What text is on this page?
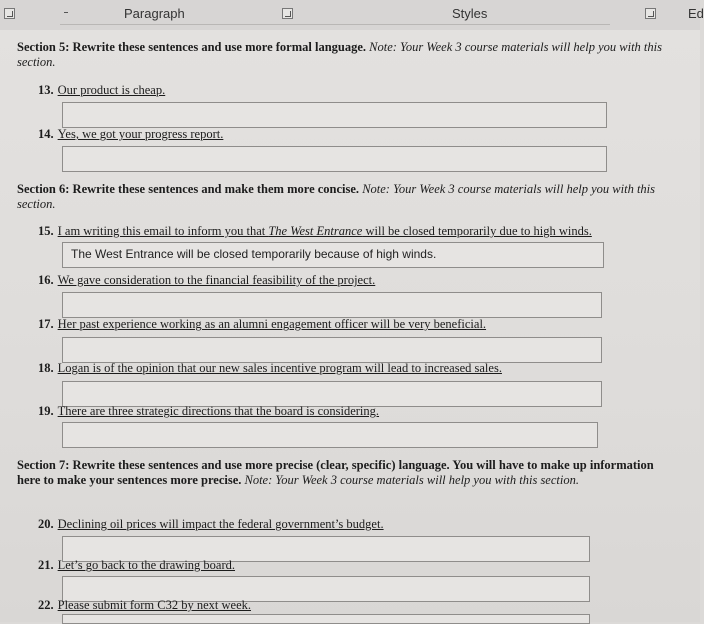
Paragraph	Styles	Ed
Section 5: Rewrite these sentences and use more formal language. Note: Your Week 3 course materials will help you with this section.
13. Our product is cheap.
14. Yes, we got your progress report.
Section 6: Rewrite these sentences and make them more concise. Note: Your Week 3 course materials will help you with this section.
15. I am writing this email to inform you that The West Entrance will be closed temporarily due to high winds.
The West Entrance will be closed temporarily because of high winds.
16. We gave consideration to the financial feasibility of the project.
17. Her past experience working as an alumni engagement officer will be very beneficial.
18. Logan is of the opinion that our new sales incentive program will lead to increased sales.
19. There are three strategic directions that the board is considering.
Section 7: Rewrite these sentences and use more precise (clear, specific) language. You will have to make up information here to make your sentences more precise. Note: Your Week 3 course materials will help you with this section.
20. Declining oil prices will impact the federal government’s budget.
21. Let’s go back to the drawing board.
22. Please submit form C32 by next week.
